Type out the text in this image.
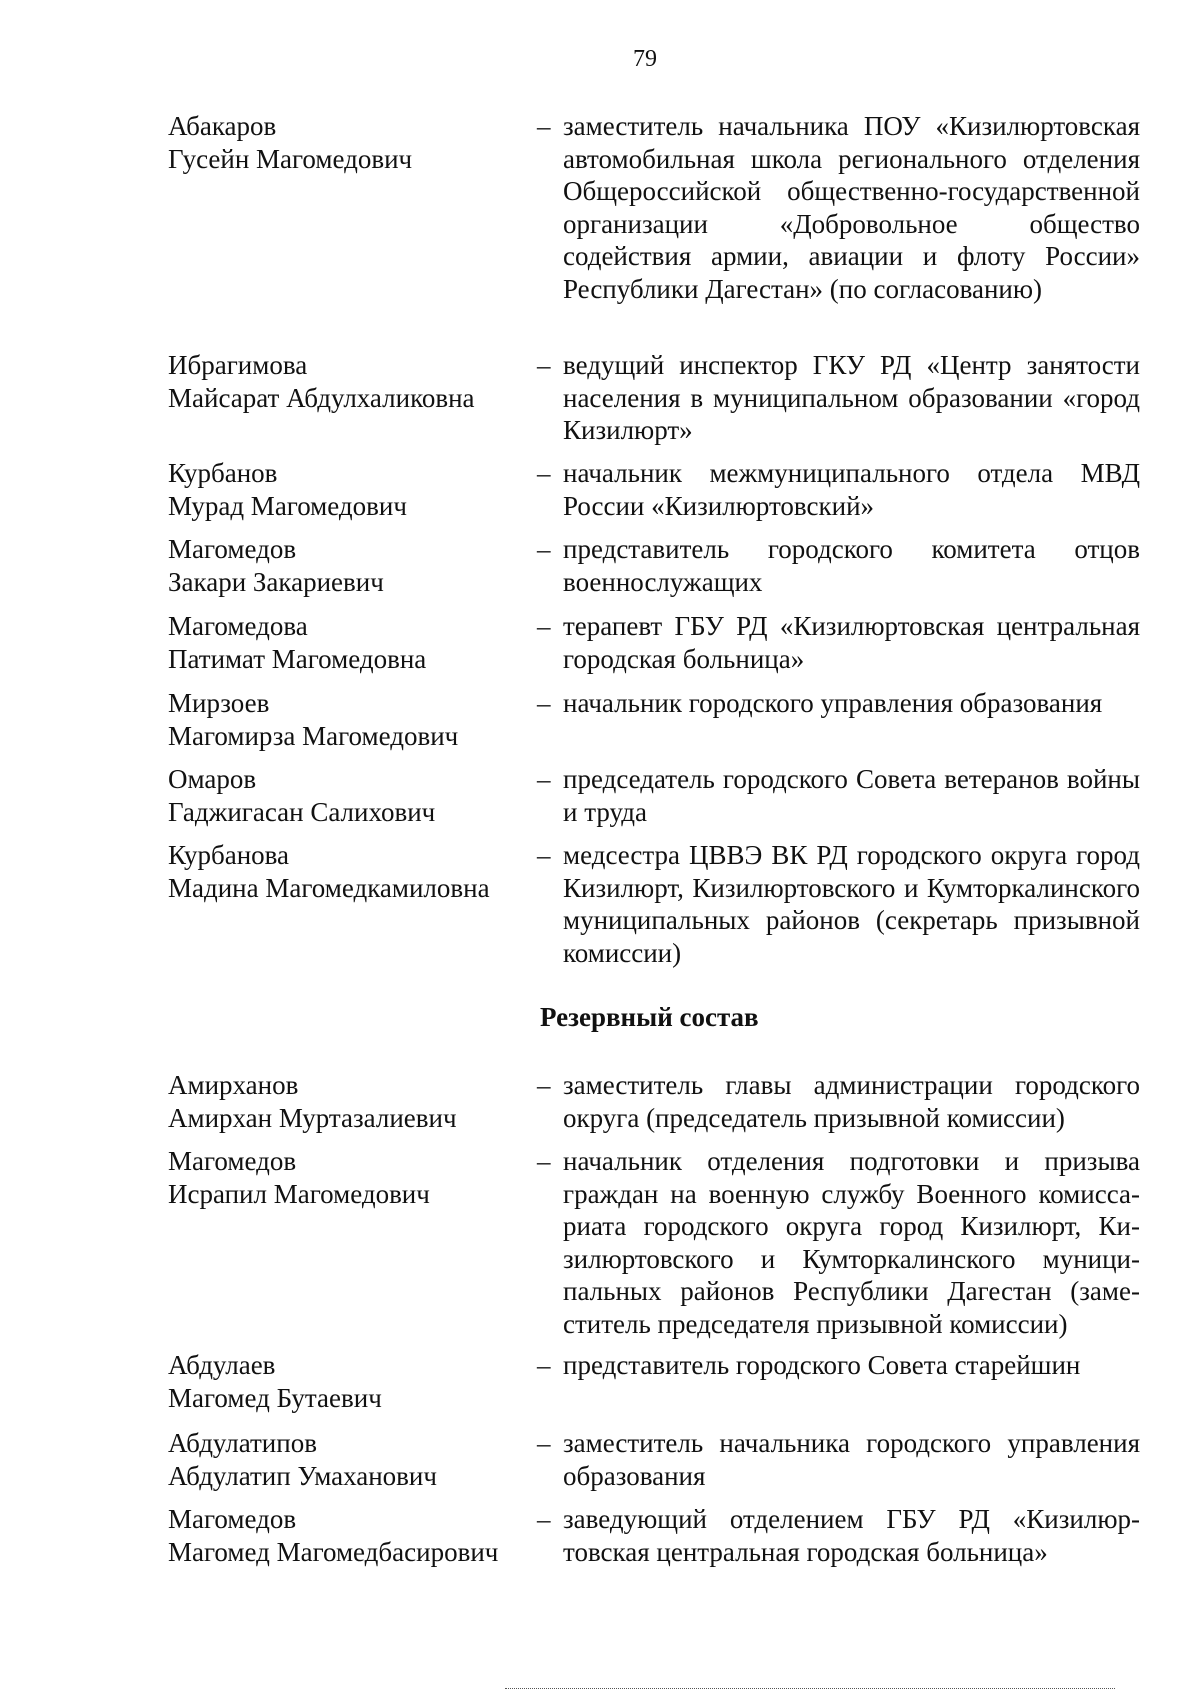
79
Абакаров
Гусейн Магомедович
– заместитель начальника ПОУ «Кизилюртовская автомобильная школа регионального отделения Общероссийской общественно-государственной организации «Добровольное общество содействия армии, авиации и флоту России» Республики Дагестан» (по согласованию)
Ибрагимова
Майсарат Абдулхаликовна
– ведущий инспектор ГКУ РД «Центр занятости населения в муниципальном образовании «город Кизилюрт»
Курбанов
Мурад Магомедович
– начальник межмуниципального отдела МВД России «Кизилюртовский»
Магомедов
Закари Закариевич
– представитель городского комитета отцов военнослужащих
Магомедова
Патимат Магомедовна
– терапевт ГБУ РД «Кизилюртовская центральная городская больница»
Мирзоев
Магомирза Магомедович
– начальник городского управления образования
Омаров
Гаджигасан Салихович
– председатель городского Совета ветеранов войны и труда
Курбанова
Мадина Магомедкамиловна
– медсестра ЦВВЭ ВК РД городского округа город Кизилюрт, Кизилюртовского и Кумторкалинского муниципальных районов (секретарь призывной комиссии)
Резервный состав
Амирханов
Амирхан Муртазалиевич
– заместитель главы администрации городского округа (председатель призывной комиссии)
Магомедов
Исрапил Магомедович
– начальник отделения подготовки и призыва граждан на военную службу Военного комиссариата городского округа город Кизилюрт, Кизилюртовского и Кумторкалинского муниципальных районов Республики Дагестан (заместитель председателя призывной комиссии)
Абдулаев
Магомед Бутаевич
– представитель городского Совета старейшин
Абдулатипов
Абдулатип Умаханович
– заместитель начальника городского управления образования
Магомедов
Магомед Магомедбасирович
– заведующий отделением ГБУ РД «Кизилюртовская центральная городская больница»
